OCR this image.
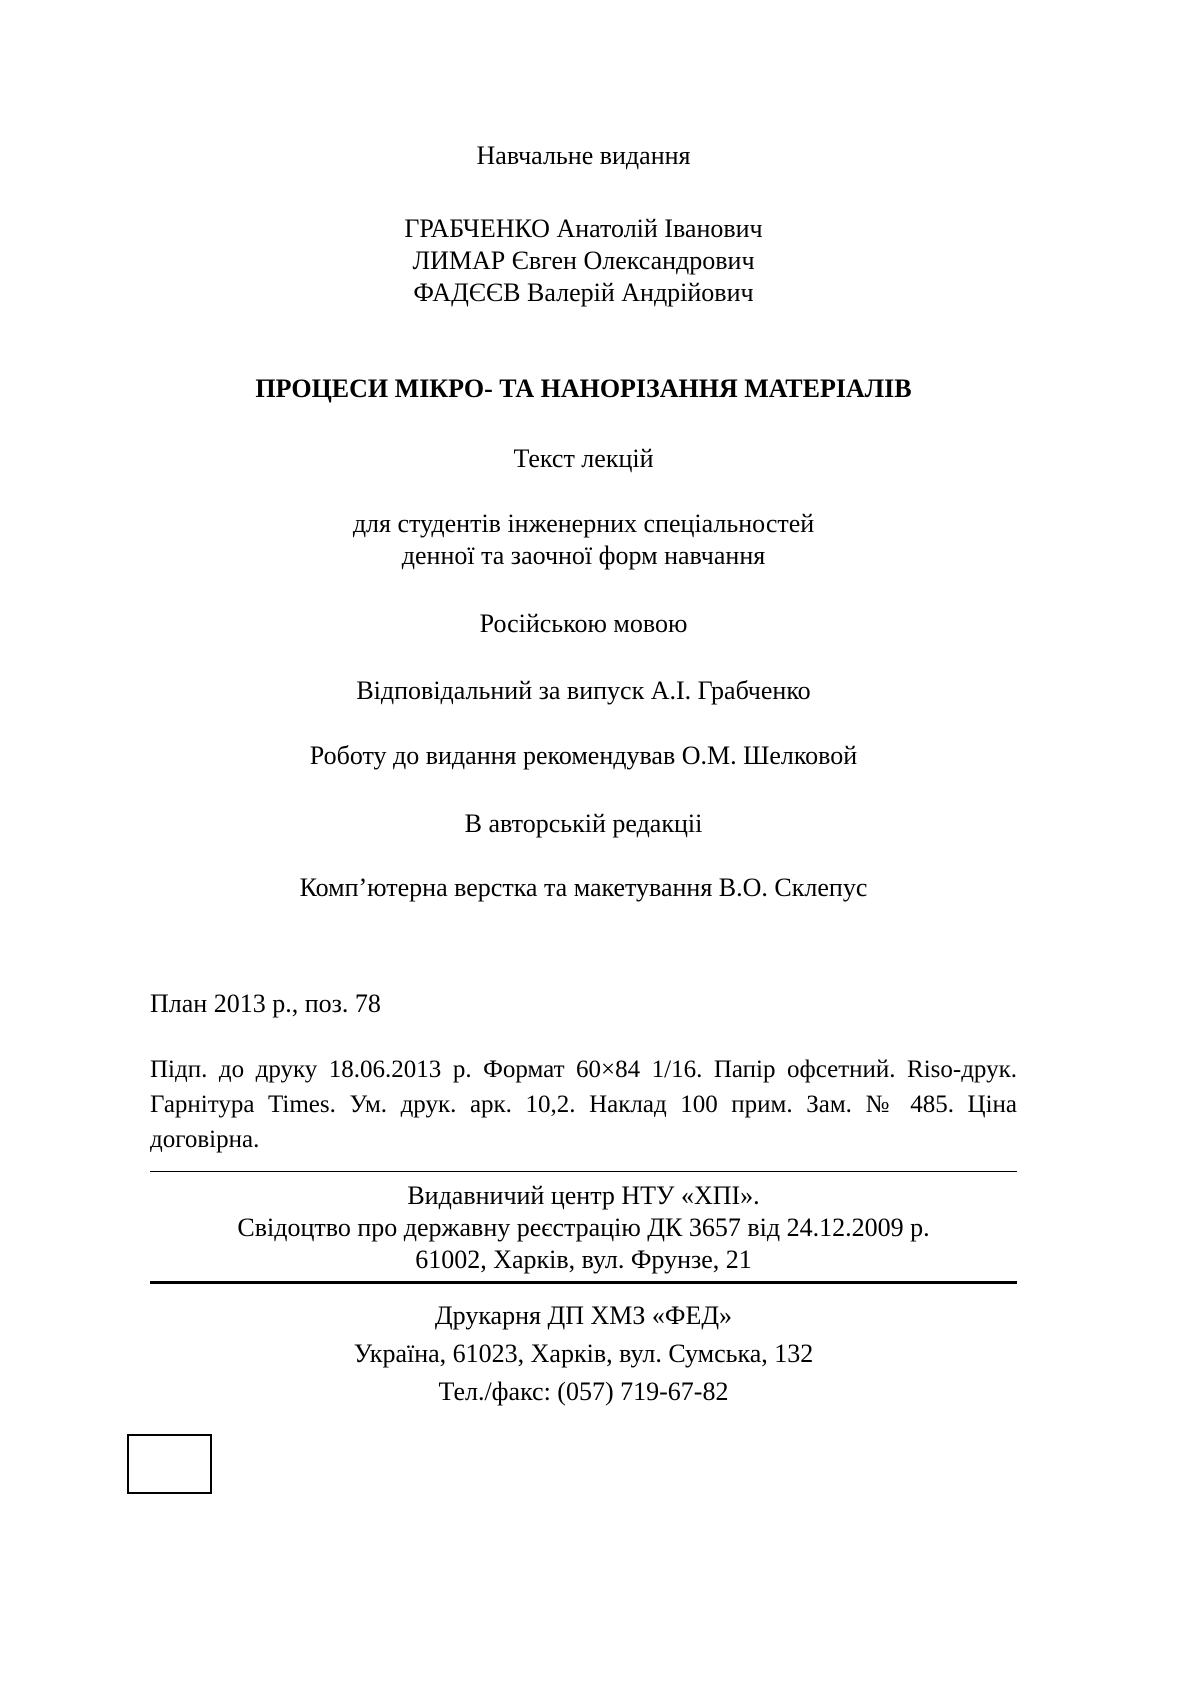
Навчальне видання
ГРАБЧЕНКО Анатолій Іванович
ЛИМАР Євген Олександрович
ФАДЄЄВ Валерій Андрійович
ПРОЦЕСИ МІКРО- ТА НАНОРІЗАННЯ МАТЕРІАЛІВ
Текст лекцій
для студентів інженерних спеціальностей
денної та заочної форм навчання
Російською мовою
Відповідальний за випуск А.І. Грабченко
Роботу до видання рекомендував О.М. Шелковой
В авторській редакціі
Комп’ютерна верстка та макетування В.О. Склепус
План 2013 р., поз. 78
Підп. до друку 18.06.2013 р. Формат 60×84 1/16. Папір офсетний. Riso-друк. Гарнітура Times. Ум. друк. арк. 10,2. Наклад 100 прим. Зам. № 485. Ціна договірна.
Видавничий центр НТУ «ХПІ».
Свідоцтво про державну реєстрацію ДК 3657 від 24.12.2009 р.
61002, Харків, вул. Фрунзе, 21
Друкарня ДП ХМЗ «ФЕД»
Україна, 61023, Харків, вул. Сумська, 132
Тел./факс: (057) 719-67-82
